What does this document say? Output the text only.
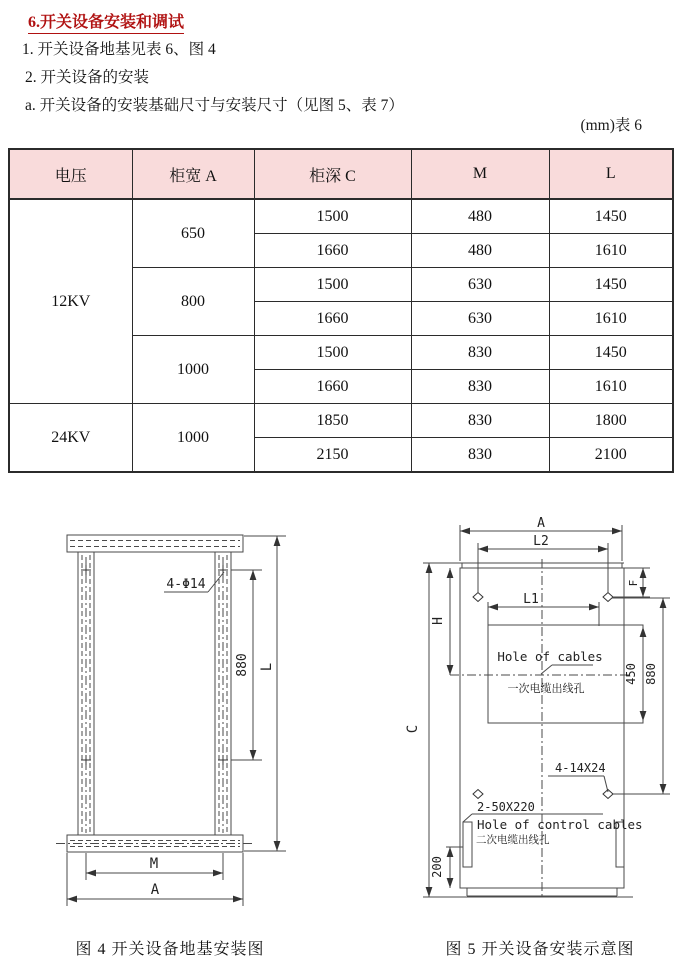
6.开关设备安装和调试
1. 开关设备地基见表 6、图 4
2. 开关设备的安装
a. 开关设备的安装基础尺寸与安装尺寸（见图 5、表 7）
(mm)表 6
电压	柜宽 A	柜深 C	M	L
12KV	650	1500	480	1450
		1660	480	1610
	800	1500	630	1450
		1660	630	1610
	1000	1500	830	1450
		1660	830	1610
24KV	1000	1850	830	1800
		2150	830	2100
4-Φ14
880 L
M
A
A
L2
F
H
C
L1
Hole of cables
一次电缆出线孔
450 880
4-14X24
2-50X220
Hole of control cables
二次电缆出线孔
200
图 4 开关设备地基安装图	图 5 开关设备安装示意图
